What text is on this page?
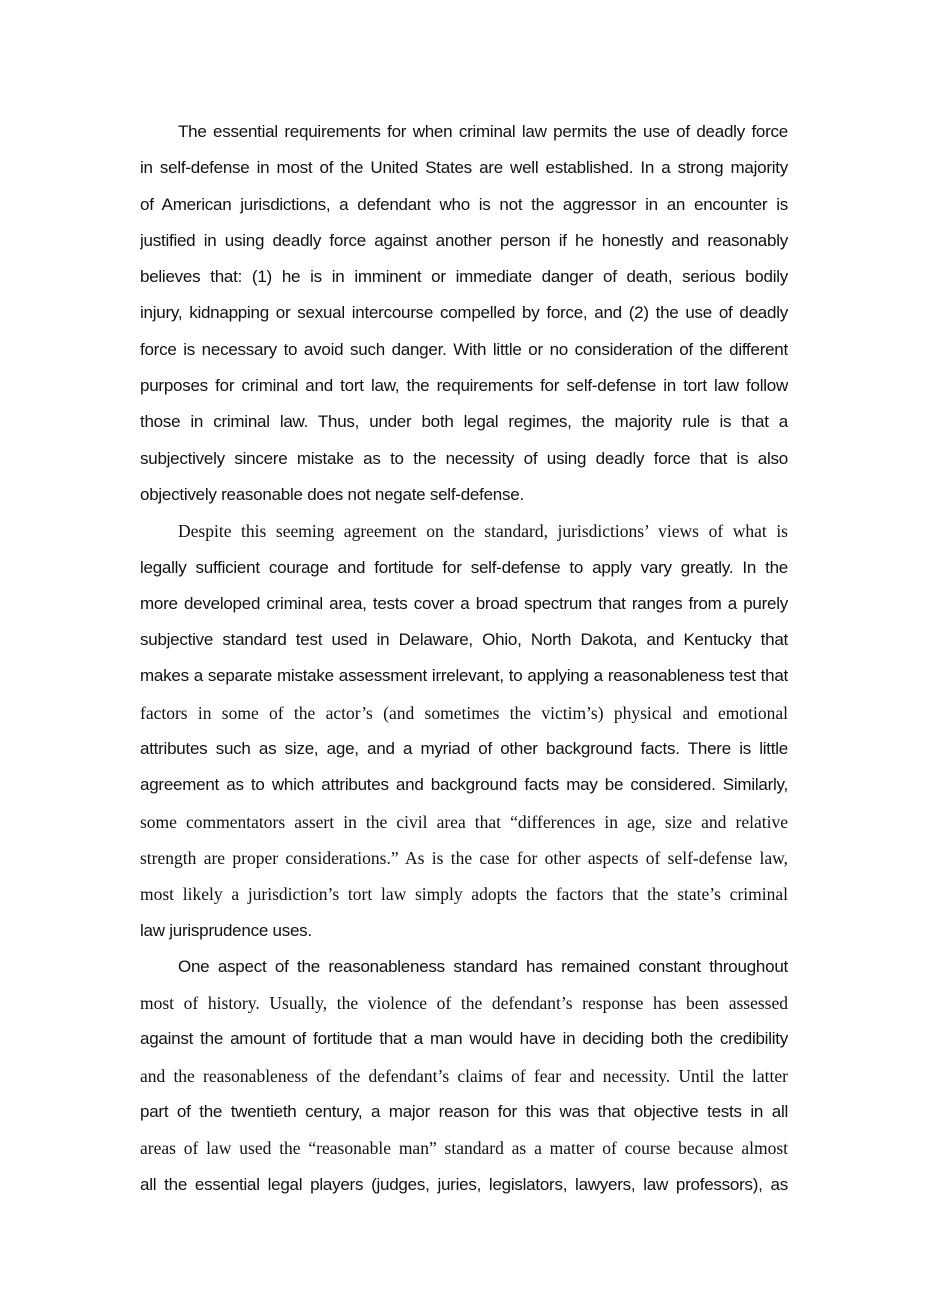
The essential requirements for when criminal law permits the use of deadly force
in self-defense in most of the United States are well established. In a strong majority
of American jurisdictions, a defendant who is not the aggressor in an encounter is
justified in using deadly force against another person if he honestly and reasonably
believes that: (1) he is in imminent or immediate danger of death, serious bodily
injury, kidnapping or sexual intercourse compelled by force, and (2) the use of deadly
force is necessary to avoid such danger. With little or no consideration of the different
purposes for criminal and tort law, the requirements for self-defense in tort law follow
those in criminal law. Thus, under both legal regimes, the majority rule is that a
subjectively sincere mistake as to the necessity of using deadly force that is also
objectively reasonable does not negate self-defense.
Despite this seeming agreement on the standard, jurisdictions’ views of what is
legally sufficient courage and fortitude for self-defense to apply vary greatly. In the
more developed criminal area, tests cover a broad spectrum that ranges from a purely
subjective standard test used in Delaware, Ohio, North Dakota, and Kentucky that
makes a separate mistake assessment irrelevant, to applying a reasonableness test that
factors in some of the actor’s (and sometimes the victim’s) physical and emotional
attributes such as size, age, and a myriad of other background facts. There is little
agreement as to which attributes and background facts may be considered. Similarly,
some commentators assert in the civil area that “differences in age, size and relative
strength are proper considerations.” As is the case for other aspects of self-defense law,
most likely a jurisdiction’s tort law simply adopts the factors that the state’s criminal
law jurisprudence uses.
One aspect of the reasonableness standard has remained constant throughout
most of history. Usually, the violence of the defendant’s response has been assessed
against the amount of fortitude that a man would have in deciding both the credibility
and the reasonableness of the defendant’s claims of fear and necessity. Until the latter
part of the twentieth century, a major reason for this was that objective tests in all
areas of law used the “reasonable man” standard as a matter of course because almost
all the essential legal players (judges, juries, legislators, lawyers, law professors), as
